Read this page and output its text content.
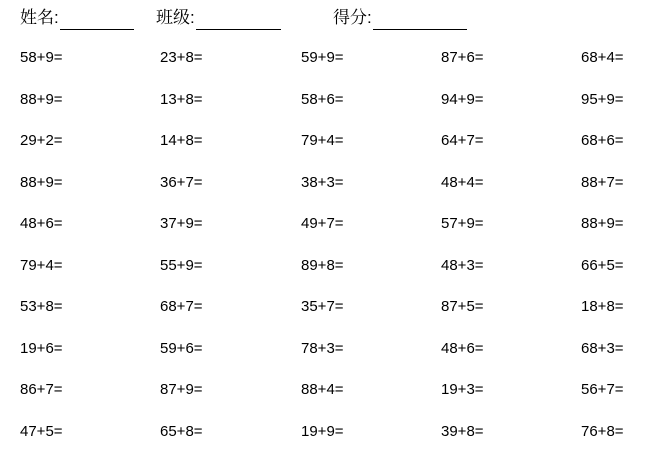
姓名:	班级:	得分:
58+9=	23+8=	59+9=	87+6=	68+4=
88+9=	13+8=	58+6=	94+9=	95+9=
29+2=	14+8=	79+4=	64+7=	68+6=
88+9=	36+7=	38+3=	48+4=	88+7=
48+6=	37+9=	49+7=	57+9=	88+9=
79+4=	55+9=	89+8=	48+3=	66+5=
53+8=	68+7=	35+7=	87+5=	18+8=
19+6=	59+6=	78+3=	48+6=	68+3=
86+7=	87+9=	88+4=	19+3=	56+7=
47+5=	65+8=	19+9=	39+8=	76+8=
